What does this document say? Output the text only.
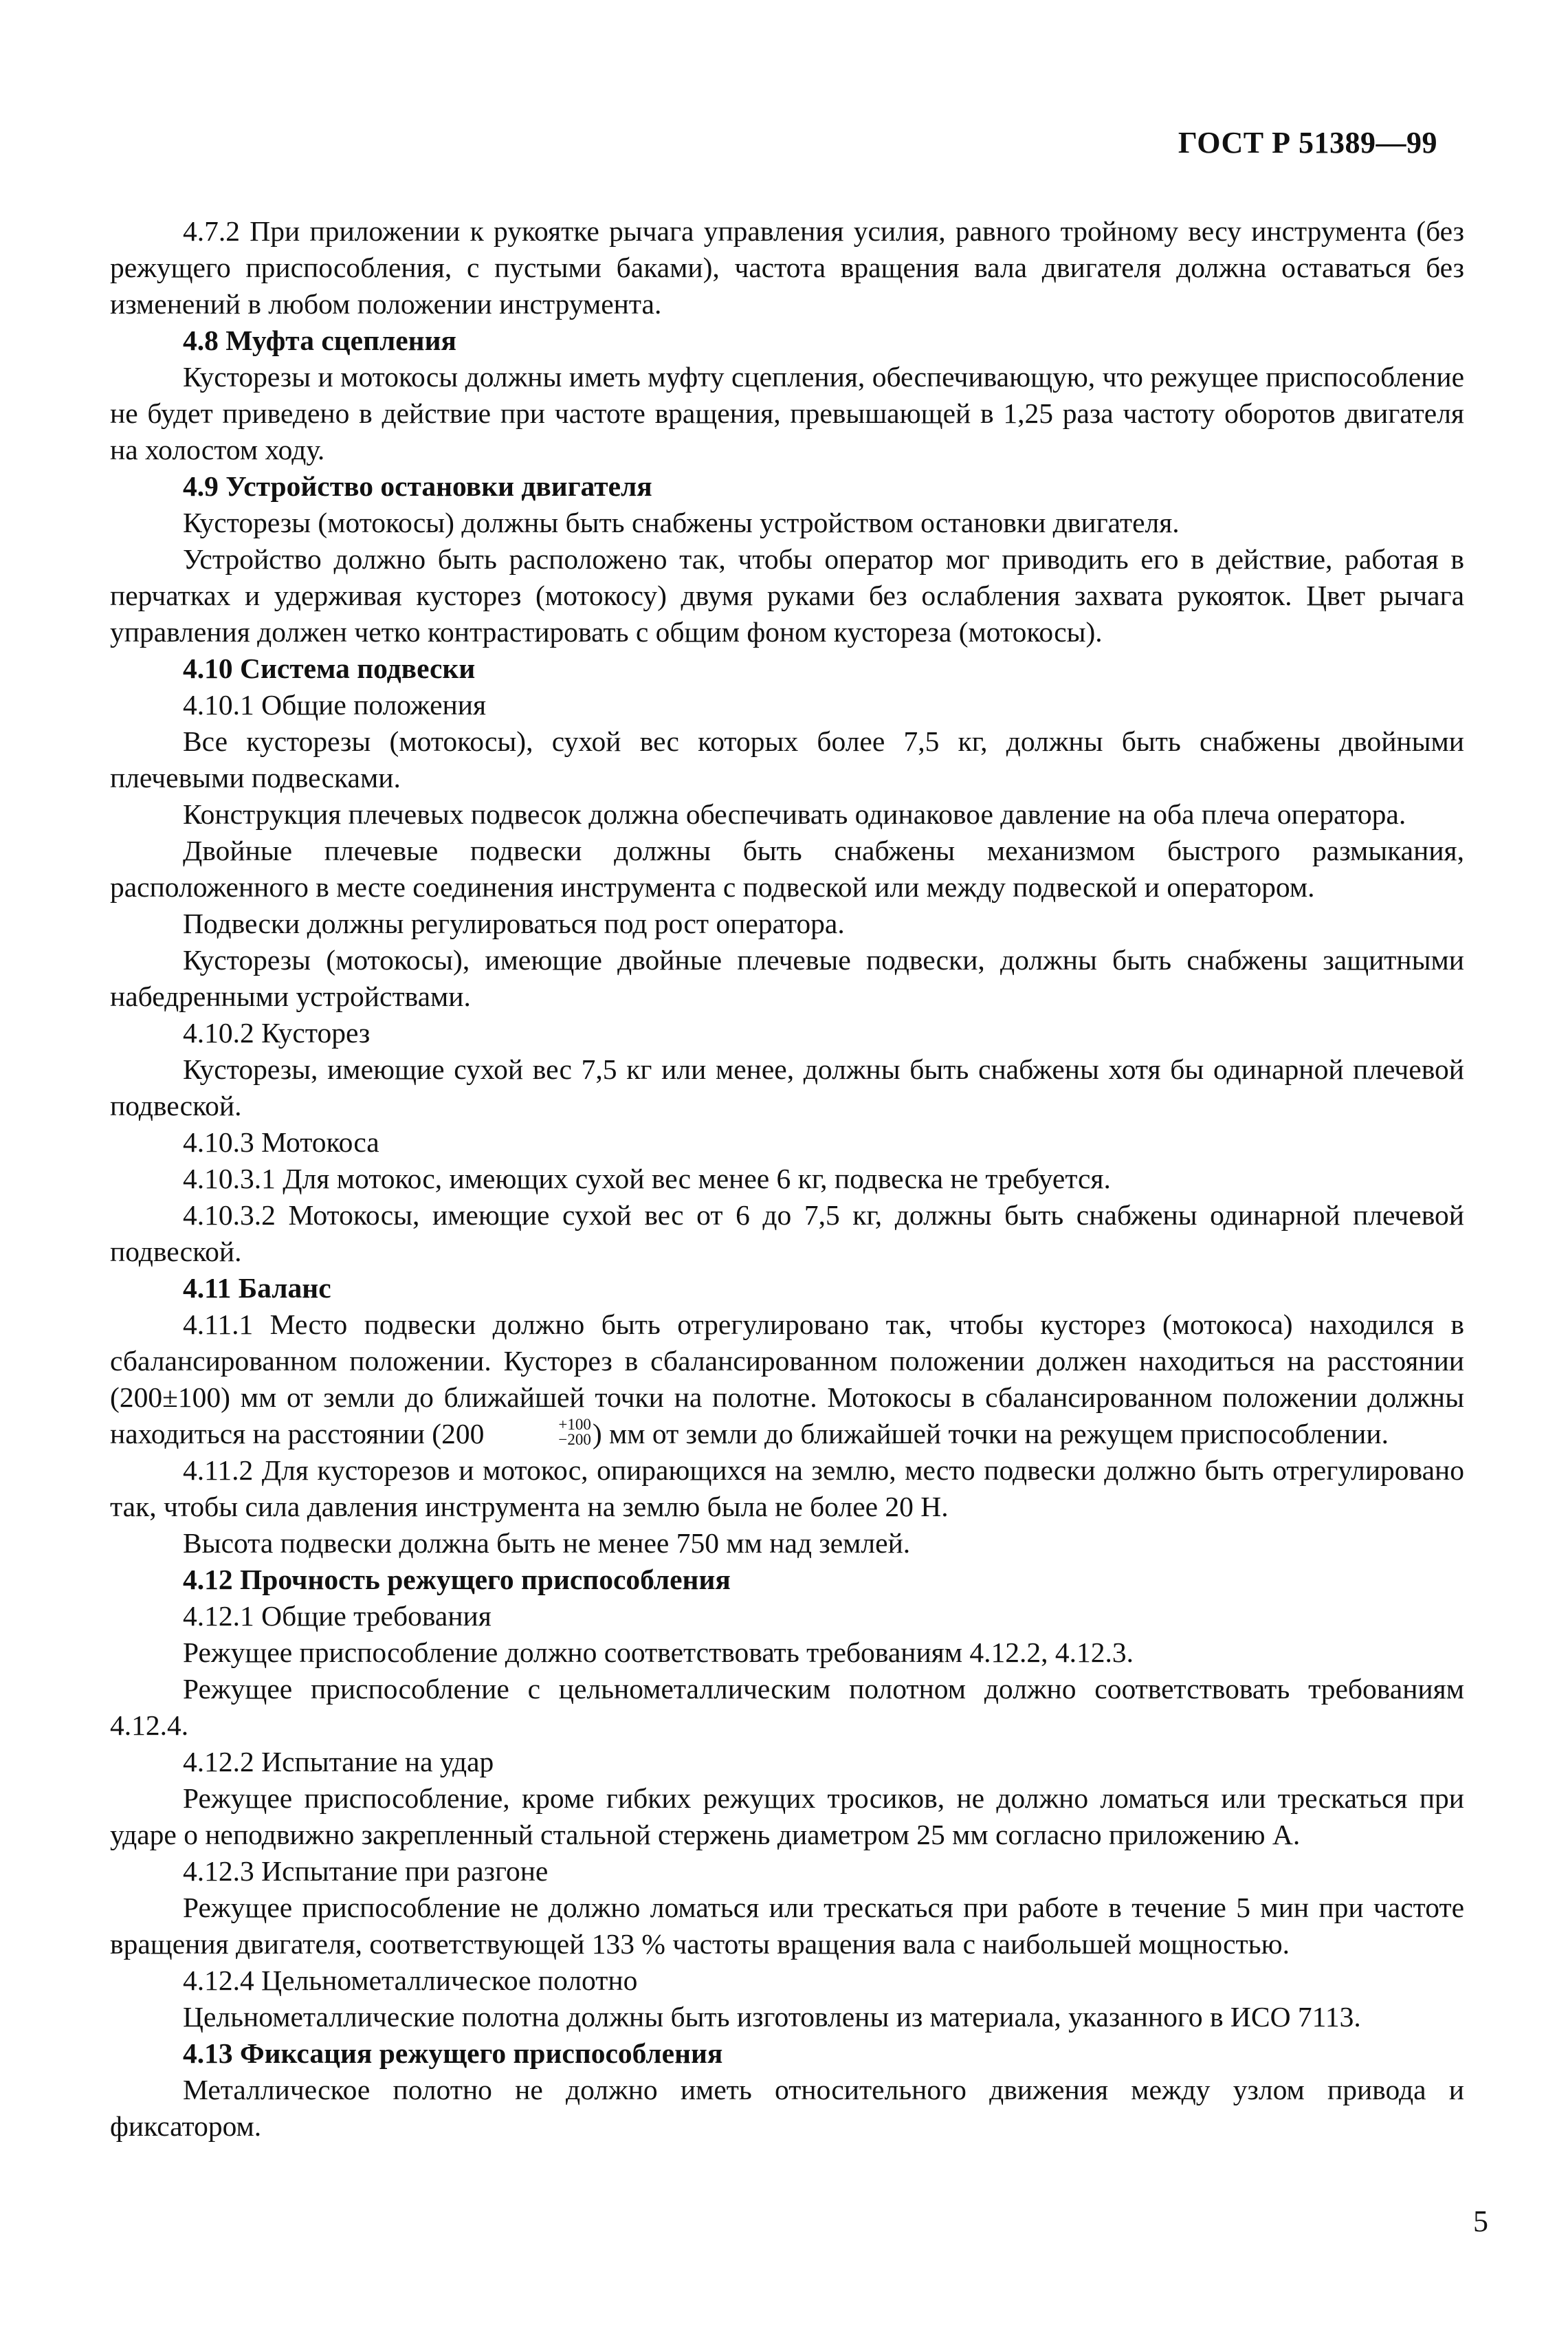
ГОСТ Р 51389—99

4.7.2 При приложении к рукоятке рычага управления усилия, равного тройному весу инструмента (без режущего приспособления, с пустыми баками), частота вращения вала двигателя должна оставаться без изменений в любом положении инструмента.

4.8 Муфта сцепления

Кусторезы и мотокосы должны иметь муфту сцепления, обеспечивающую, что режущее приспособление не будет приведено в действие при частоте вращения, превышающей в 1,25 раза частоту оборотов двигателя на холостом ходу.

4.9 Устройство остановки двигателя

Кусторезы (мотокосы) должны быть снабжены устройством остановки двигателя.

Устройство должно быть расположено так, чтобы оператор мог приводить его в действие, работая в перчатках и удерживая кусторез (мотокосу) двумя руками без ослабления захвата рукояток. Цвет рычага управления должен четко контрастировать с общим фоном кустореза (мотокосы).

4.10 Система подвески

4.10.1 Общие положения

Все кусторезы (мотокосы), сухой вес которых более 7,5 кг, должны быть снабжены двойными плечевыми подвесками.

Конструкция плечевых подвесок должна обеспечивать одинаковое давление на оба плеча оператора.

Двойные плечевые подвески должны быть снабжены механизмом быстрого размыкания, расположенного в месте соединения инструмента с подвеской или между подвеской и оператором.

Подвески должны регулироваться под рост оператора.

Кусторезы (мотокосы), имеющие двойные плечевые подвески, должны быть снабжены защитными набедренными устройствами.

4.10.2 Кусторез

Кусторезы, имеющие сухой вес 7,5 кг или менее, должны быть снабжены хотя бы одинарной плечевой подвеской.

4.10.3 Мотокоса

4.10.3.1 Для мотокос, имеющих сухой вес менее 6 кг, подвеска не требуется.

4.10.3.2 Мотокосы, имеющие сухой вес от 6 до 7,5 кг, должны быть снабжены одинарной плечевой подвеской.

4.11 Баланс

4.11.1 Место подвески должно быть отрегулировано так, чтобы кусторез (мотокоса) находился в сбалансированном положении. Кусторез в сбалансированном положении должен находиться на расстоянии (200±100) мм от земли до ближайшей точки на полотне. Мотокосы в сбалансированном положении должны находиться на расстоянии (200	+100
−200 ) мм от земли до ближайшей точки на режущем приспособлении.

4.11.2 Для кусторезов и мотокос, опирающихся на землю, место подвески должно быть отрегулировано так, чтобы сила давления инструмента на землю была не более 20 Н.

Высота подвески должна быть не менее 750 мм над землей.

4.12 Прочность режущего приспособления

4.12.1 Общие требования

Режущее приспособление должно соответствовать требованиям 4.12.2, 4.12.3.

Режущее приспособление с цельнометаллическим полотном должно соответствовать требованиям 4.12.4.

4.12.2 Испытание на удар

Режущее приспособление, кроме гибких режущих тросиков, не должно ломаться или трескаться при ударе о неподвижно закрепленный стальной стержень диаметром 25 мм согласно приложению А.

4.12.3 Испытание при разгоне

Режущее приспособление не должно ломаться или трескаться при работе в течение 5 мин при частоте вращения двигателя, соответствующей 133 % частоты вращения вала с наибольшей мощностью.

4.12.4 Цельнометаллическое полотно

Цельнометаллические полотна должны быть изготовлены из материала, указанного в ИСО 7113.

4.13 Фиксация режущего приспособления

Металлическое полотно не должно иметь относительного движения между узлом привода и фиксатором.

5
